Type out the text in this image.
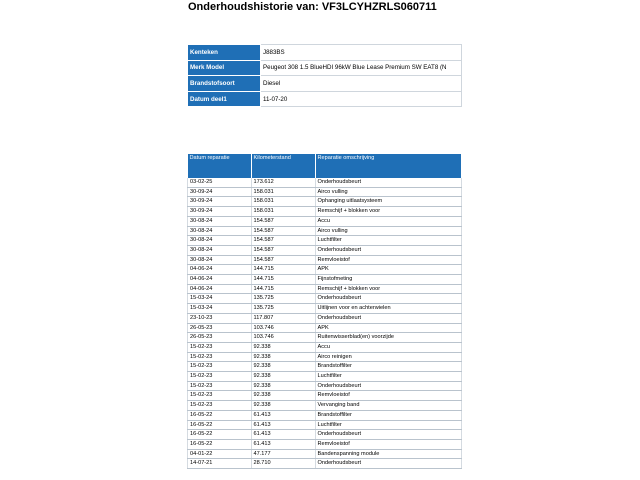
Onderhoudshistorie van: VF3LCYHZRLS060711
Kenteken	J883BS
Merk Model	Peugeot 308 1.5 BlueHDI 96kW Blue Lease Premium SW EAT8 (N
Brandstofsoort	Diesel
Datum deel1	11-07-20
Datum reparatie	Kilometerstand	Reparatie omschrijving
03-02-25	173.612	Onderhoudsbeurt
30-09-24	158.031	Airco vulling
30-09-24	158.031	Ophanging uitlaatsysteem
30-09-24	158.031	Remschijf + blokken voor
30-08-24	154.587	Accu
30-08-24	154.587	Airco vulling
30-08-24	154.587	Luchtfilter
30-08-24	154.587	Onderhoudsbeurt
30-08-24	154.587	Remvloeistof
04-06-24	144.715	APK
04-06-24	144.715	Fijnstofmeting
04-06-24	144.715	Remschijf + blokken voor
15-03-24	135.725	Onderhoudsbeurt
15-03-24	135.725	Uitlijnen voor en achterwielen
23-10-23	117.807	Onderhoudsbeurt
26-05-23	103.746	APK
26-05-23	103.746	Ruitenwisserblad(en) voorzijde
15-02-23	92.338	Accu
15-02-23	92.338	Airco reinigen
15-02-23	92.338	Brandstoffilter
15-02-23	92.338	Luchtfilter
15-02-23	92.338	Onderhoudsbeurt
15-02-23	92.338	Remvloeistof
15-02-23	92.338	Vervanging band
16-05-22	61.413	Brandstoffilter
16-05-22	61.413	Luchtfilter
16-05-22	61.413	Onderhoudsbeurt
16-05-22	61.413	Remvloeistof
04-01-22	47.177	Bandenspanning module
14-07-21	28.710	Onderhoudsbeurt
